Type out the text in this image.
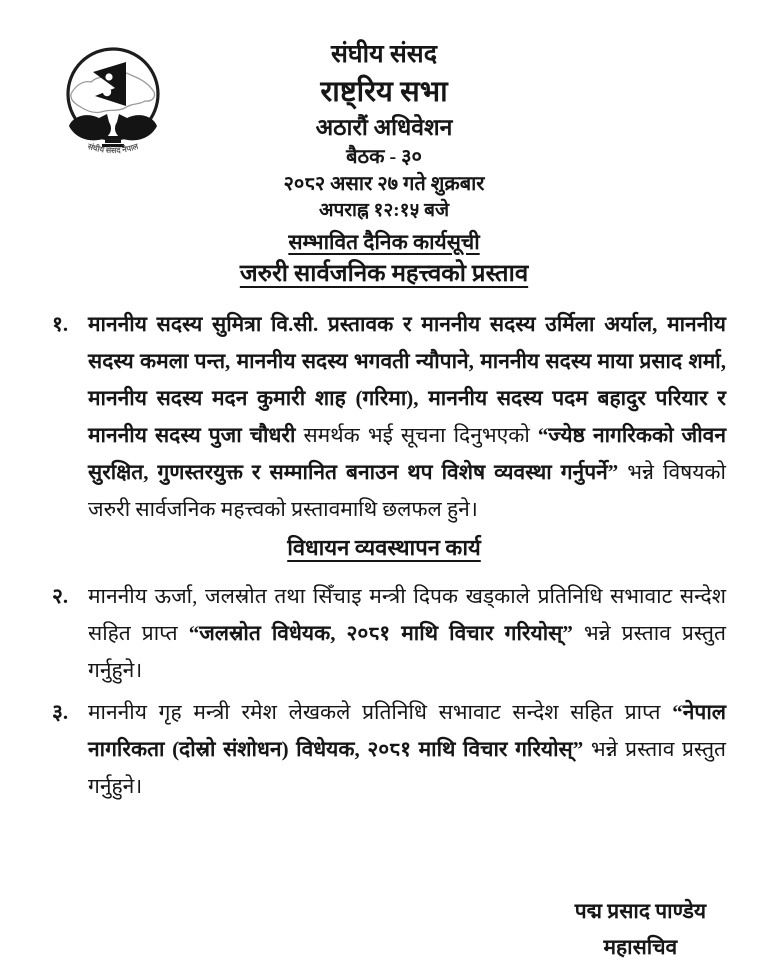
संघीय संसद नेपाल
संघीय संसद
राष्ट्रिय सभा
अठारौं अधिवेशन
बैठक - ३०
२०८२ असार २७ गते शुक्रबार
अपराह्न १२:१५ बजे
सम्भावित दैनिक कार्यसूची
जरुरी सार्वजनिक महत्त्वको प्रस्ताव
१. माननीय सदस्य सुमित्रा वि.सी. प्रस्तावक र माननीय सदस्य उर्मिला अर्याल, माननीय सदस्य कमला पन्त, माननीय सदस्य भगवती न्यौपाने, माननीय सदस्य माया प्रसाद शर्मा, माननीय सदस्य मदन कुमारी शाह (गरिमा), माननीय सदस्य पदम बहादुर परियार र माननीय सदस्य पुजा चौधरी समर्थक भई सूचना दिनुभएको “ज्येष्ठ नागरिकको जीवन सुरक्षित, गुणस्तरयुक्त र सम्मानित बनाउन थप विशेष व्यवस्था गर्नुपर्ने” भन्ने विषयको जरुरी सार्वजनिक महत्त्वको प्रस्तावमाथि छलफल हुने।

विधायन व्यवस्थापन कार्य
२. माननीय ऊर्जा, जलस्रोत तथा सिँचाइ मन्त्री दिपक खड्काले प्रतिनिधि सभावाट सन्देश सहित प्राप्त “जलस्रोत विधेयक, २०८१ माथि विचार गरियोस्” भन्ने प्रस्ताव प्रस्तुत गर्नुहुने।

३. माननीय गृह मन्त्री रमेश लेखकले प्रतिनिधि सभावाट सन्देश सहित प्राप्त “नेपाल नागरिकता (दोस्रो संशोधन) विधेयक, २०८१ माथि विचार गरियोस्” भन्ने प्रस्ताव प्रस्तुत गर्नुहुने।

पद्म प्रसाद पाण्डेय
महासचिव
